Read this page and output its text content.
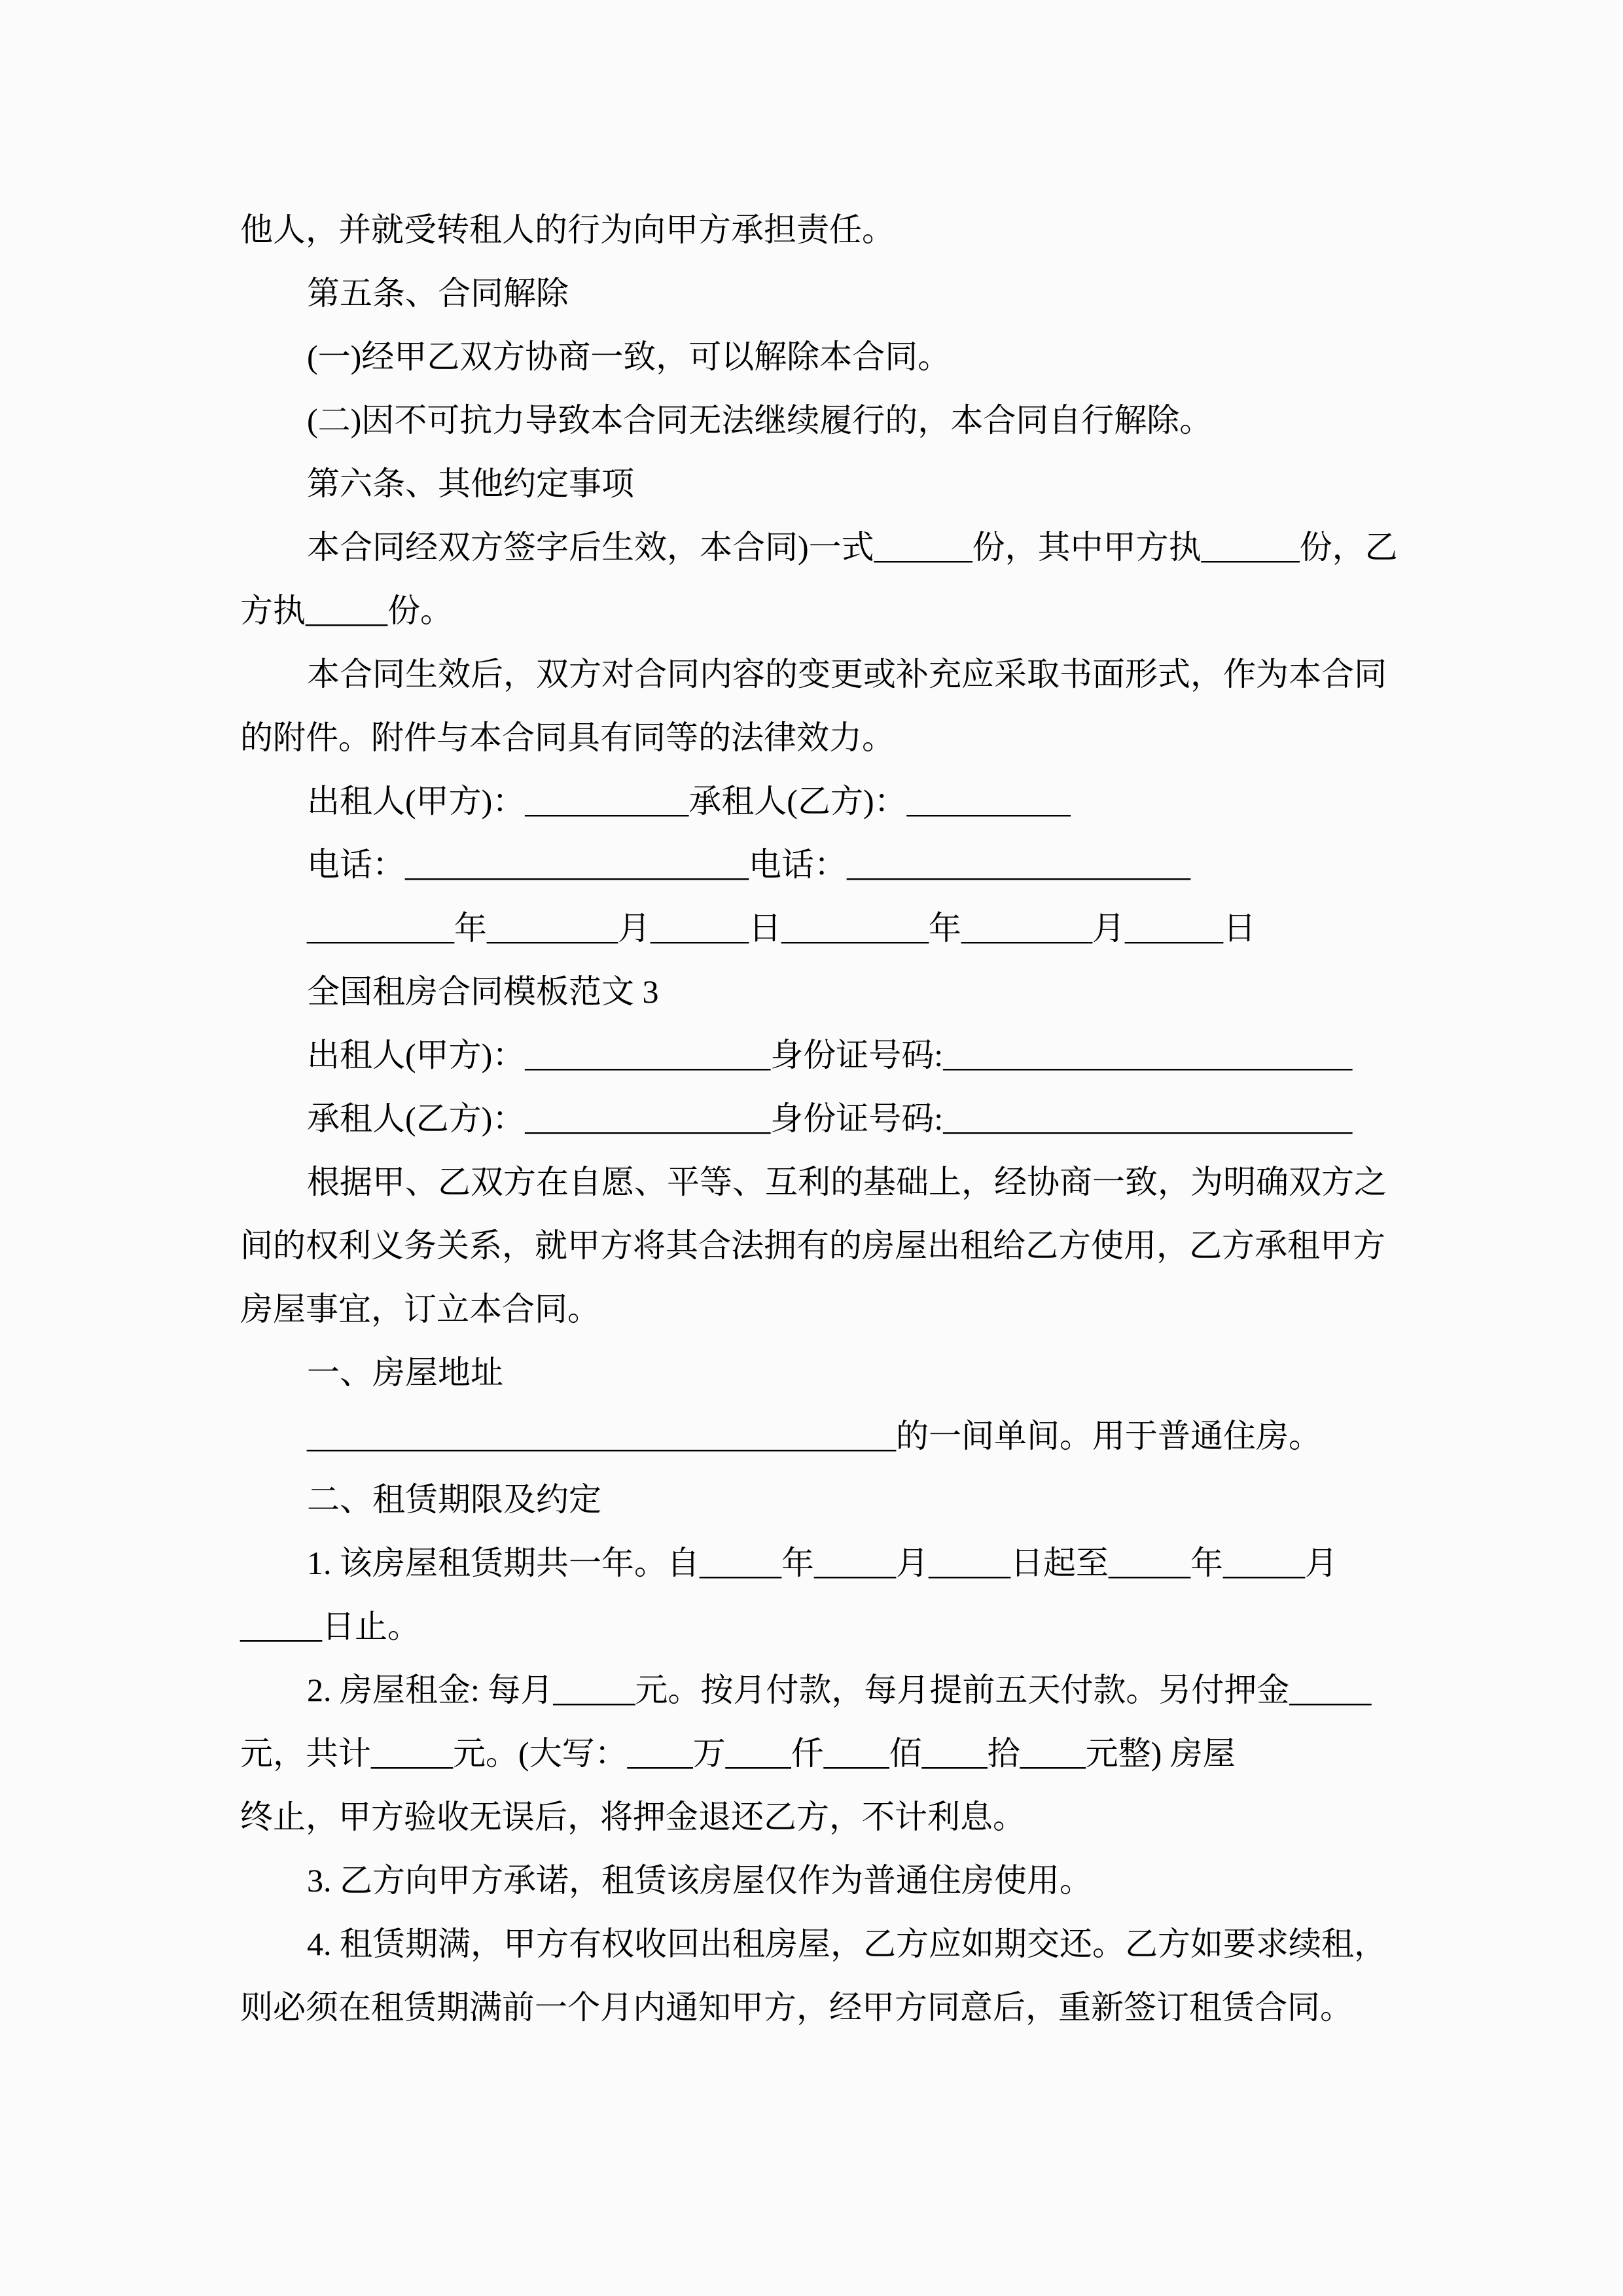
他人，并就受转租人的行为向甲方承担责任。
第五条、合同解除
(一)经甲乙双方协商一致，可以解除本合同。
(二)因不可抗力导致本合同无法继续履行的，本合同自行解除。
第六条、其他约定事项
本合同经双方签字后生效，本合同)一式______份，其中甲方执______份，乙
方执_____份。
本合同生效后，双方对合同内容的变更或补充应采取书面形式，作为本合同
的附件。附件与本合同具有同等的法律效力。
出租人(甲方)：__________承租人(乙方)：__________
电话：_____________________电话：_____________________
_________年________月______日_________年________月______日
全国租房合同模板范文 3
出租人(甲方)：_______________身份证号码:_________________________
承租人(乙方)：_______________身份证号码:_________________________
根据甲、乙双方在自愿、平等、互利的基础上，经协商一致，为明确双方之
间的权利义务关系，就甲方将其合法拥有的房屋出租给乙方使用，乙方承租甲方
房屋事宜，订立本合同。
一、房屋地址
____________________________________的一间单间。用于普通住房。
二、租赁期限及约定
1. 该房屋租赁期共一年。自_____年_____月_____日起至_____年_____月
_____日止。
2. 房屋租金: 每月_____元。按月付款，每月提前五天付款。另付押金_____
元，共计_____元。(大写：____万____仟____佰____拾____元整) 房屋
终止，甲方验收无误后，将押金退还乙方，不计利息。
3. 乙方向甲方承诺，租赁该房屋仅作为普通住房使用。
4. 租赁期满，甲方有权收回出租房屋，乙方应如期交还。乙方如要求续租，
则必须在租赁期满前一个月内通知甲方，经甲方同意后，重新签订租赁合同。
